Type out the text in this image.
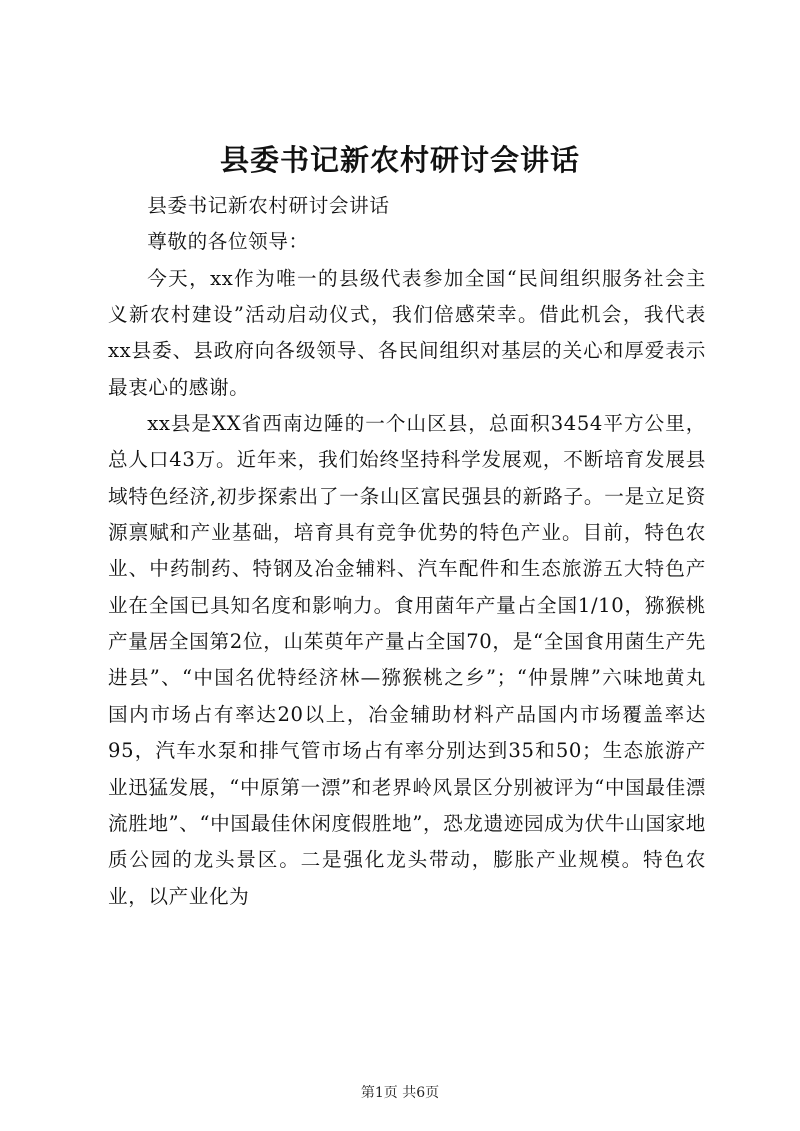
县委书记新农村研讨会讲话

县委书记新农村研讨会讲话

尊敬的各位领导：

今天，xx作为唯一的县级代表参加全国“民间组织服务社会主义新农村建设”活动启动仪式，我们倍感荣幸。借此机会，我代表xx县委、县政府向各级领导、各民间组织对基层的关心和厚爱表示最衷心的感谢。

xx县是XX省西南边陲的一个山区县，总面积3454平方公里，总人口43万。近年来，我们始终坚持科学发展观，不断培育发展县域特色经济,初步探索出了一条山区富民强县的新路子。一是立足资源禀赋和产业基础，培育具有竞争优势的特色产业。目前，特色农业、中药制药、特钢及冶金辅料、汽车配件和生态旅游五大特色产业在全国已具知名度和影响力。食用菌年产量占全国1/10，猕猴桃产量居全国第2位，山茱萸年产量占全国70，是“全国食用菌生产先进县”、“中国名优特经济林—猕猴桃之乡”；“仲景牌”六味地黄丸国内市场占有率达20以上，冶金辅助材料产品国内市场覆盖率达95，汽车水泵和排气管市场占有率分别达到35和50；生态旅游产业迅猛发展，“中原第一漂”和老界岭风景区分别被评为“中国最佳漂流胜地”、“中国最佳休闲度假胜地”，恐龙遗迹园成为伏牛山国家地质公园的龙头景区。二是强化龙头带动，膨胀产业规模。特色农业，以产业化为

第1页 共6页
